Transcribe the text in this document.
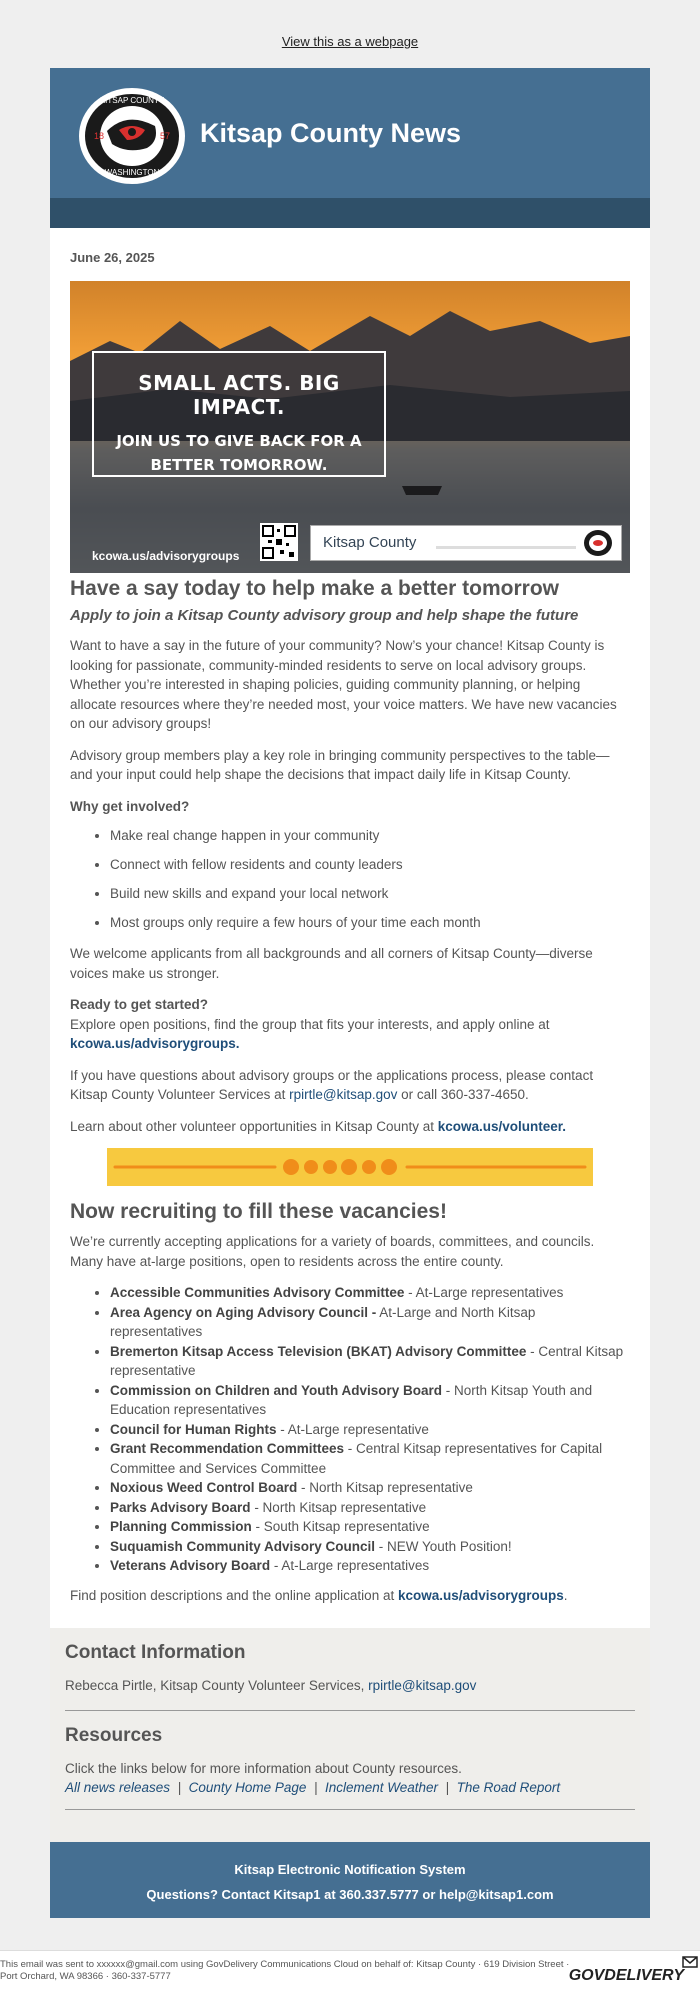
View this as a webpage
KITSAP COUNTY
WASHINGTON
18	57 Kitsap County News
June 26, 2025
SMALL ACTS. BIG IMPACT.
JOIN US TO GIVE BACK FOR A BETTER TOMORROW.
kcowa.us/advisorygroups
Kitsap County
Have a say today to help make a better tomorrow
Apply to join a Kitsap County advisory group and help shape the future

Want to have a say in the future of your community? Now’s your chance! Kitsap County is looking for passionate, community-minded residents to serve on local advisory groups. Whether you’re interested in shaping policies, guiding community planning, or helping allocate resources where they’re needed most, your voice matters. We have new vacancies on our advisory groups!

Advisory group members play a key role in bringing community perspectives to the table—and your input could help shape the decisions that impact daily life in Kitsap County.

Why get involved?

• Make real change happen in your community
• Connect with fellow residents and county leaders
• Build new skills and expand your local network
• Most groups only require a few hours of your time each month

We welcome applicants from all backgrounds and all corners of Kitsap County—diverse voices make us stronger.

Ready to get started?
Explore open positions, find the group that fits your interests, and apply online at
kcowa.us/advisorygroups.

If you have questions about advisory groups or the applications process, please contact Kitsap County Volunteer Services at rpirtle@kitsap.gov or call 360-337-4650.

Learn about other volunteer opportunities in Kitsap County at kcowa.us/volunteer.

Now recruiting to fill these vacancies!

We’re currently accepting applications for a variety of boards, committees, and councils. Many have at-large positions, open to residents across the entire county.

• Accessible Communities Advisory Committee - At-Large representatives
• Area Agency on Aging Advisory Council - At-Large and North Kitsap representatives
• Bremerton Kitsap Access Television (BKAT) Advisory Committee - Central Kitsap representative
• Commission on Children and Youth Advisory Board - North Kitsap Youth and Education representatives
• Council for Human Rights - At-Large representative
• Grant Recommendation Committees - Central Kitsap representatives for Capital Committee and Services Committee
• Noxious Weed Control Board - North Kitsap representative
• Parks Advisory Board - North Kitsap representative
• Planning Commission - South Kitsap representative
• Suquamish Community Advisory Council - NEW Youth Position!
• Veterans Advisory Board - At-Large representatives

Find position descriptions and the online application at kcowa.us/advisorygroups.

Contact Information

Rebecca Pirtle, Kitsap County Volunteer Services, rpirtle@kitsap.gov

Resources

Click the links below for more information about County resources.

All news releases | County Home Page | Inclement Weather | The Road Report
Kitsap Electronic Notification System
Questions? Contact Kitsap1 at 360.337.5777 or help@kitsap1.com
This email was sent to xxxxxx@gmail.com using GovDelivery Communications Cloud on behalf of: Kitsap County · 619 Division Street · Port Orchard, WA 98366 · 360-337-5777	GOVDELIVERY
